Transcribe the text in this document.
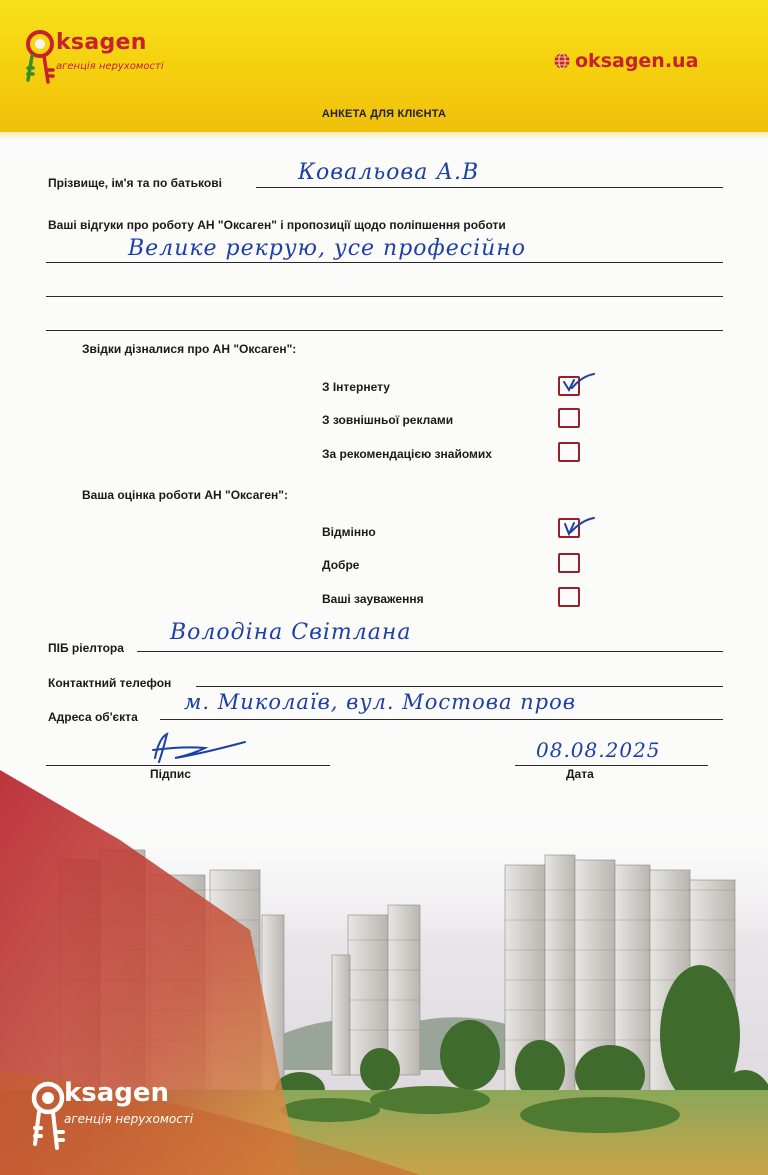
ksagen
агенція нерухомості	oksagen.ua
АНКЕТА ДЛЯ КЛІЄНТА
Прізвище, ім'я та по батькові	Ковальова А.В
Ваші відгуки про роботу АН "Оксаген" і пропозиції щодо поліпшення роботи
Велике рекрую, усе професійно
Звідки дізналися про АН "Оксаген":
З Інтернету
З зовнішньої реклами
За рекомендацією знайомих
Ваша оцінка роботи АН "Оксаген":
Відмінно
Добре
Ваші зауваження
ПІБ ріелтора
Володіна Світлана
Контактний телефон
Адреса об'єкта
м. Миколаїв, вул. Мостова пров
Підпис
08.08.2025
Дата
ksagen
агенція нерухомості
